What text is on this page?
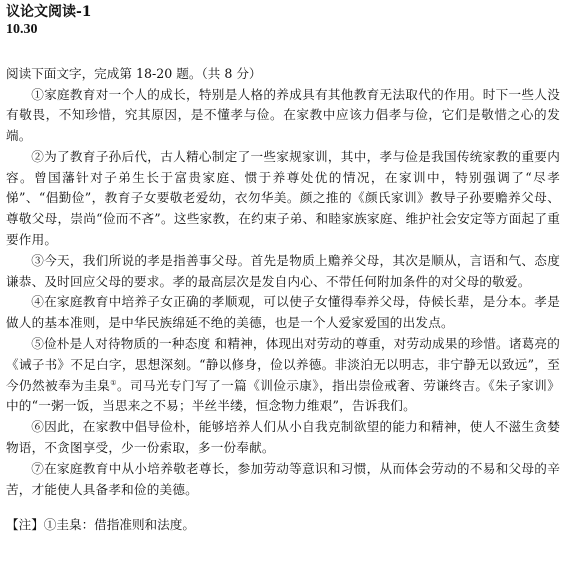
议论文阅读-1
10.30
阅读下面文字，完成第 18-20 题。（共 8 分）

①家庭教育对一个人的成长，特别是人格的养成具有其他教育无法取代的作用。时下一些人没有敬畏，不知珍惜，究其原因，是不懂孝与俭。在家教中应该力倡孝与俭，它们是敬惜之心的发端。

②为了教育子孙后代，古人精心制定了一些家规家训，其中，孝与俭是我国传统家教的重要内容。曾国藩针对子弟生长于富贵家庭、惯于养尊处优的情况，在家训中，特别强调了“尽孝悌”、“倡勤俭”，教育子女要敬老爱幼，衣勿华美。颜之推的《颜氏家训》教导子孙要赡养父母、尊敬父母，崇尚“俭而不吝”。这些家教，在约束子弟、和睦家族家庭、维护社会安定等方面起了重要作用。

③今天，我们所说的孝是指善事父母。首先是物质上赡养父母，其次是顺从，言语和气、态度谦恭、及时回应父母的要求。孝的最高层次是发自内心、不带任何附加条件的对父母的敬爱。

④在家庭教育中培养子女正确的孝顺观，可以使子女懂得奉养父母，侍候长辈，是分本。孝是做人的基本准则，是中华民族绵延不绝的美德，也是一个人爱家爱国的出发点。

⑤俭朴是人对待物质的一种态度 和精神，体现出对劳动的尊重，对劳动成果的珍惜。诸葛亮的《诫子书》不足白字，思想深刻。“静以修身，俭以养德。非淡泊无以明志，非宁静无以致远”，至今仍然被奉为圭臬①。司马光专门写了一篇《训俭示康》，指出崇俭戒奢、劳谦终吉。《朱子家训》中的“一粥一饭，当思来之不易；半丝半缕，恒念物力维艰”，告诉我们。

⑥因此，在家教中倡导俭朴，能够培养人们从小自我克制欲望的能力和精神，使人不滋生贪婪物语，不贪图享受，少一份索取，多一份奉献。

⑦在家庭教育中从小培养敬老尊长，参加劳动等意识和习惯，从而体会劳动的不易和父母的辛苦，才能使人具备孝和俭的美德。

【注】①圭臬：借指准则和法度。
